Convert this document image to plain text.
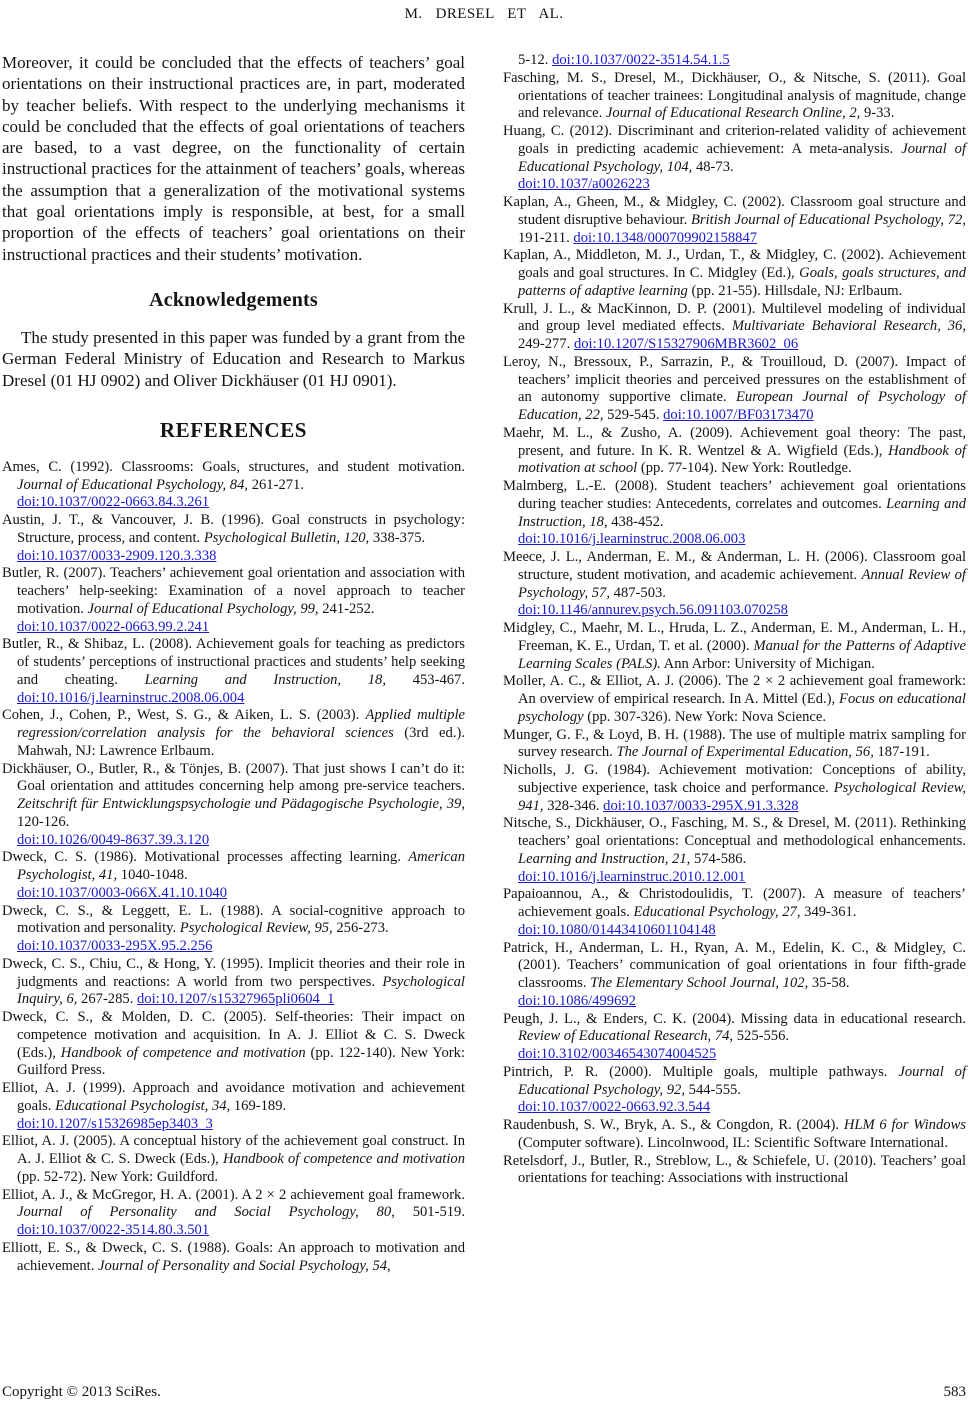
M. DRESEL ET AL.

Moreover, it could be concluded that the effects of teachers’ goal orientations on their instructional practices are, in part, moderated by teacher beliefs. With respect to the underlying mechanisms it could be concluded that the effects of goal orientations of teachers are based, to a vast degree, on the functionality of certain instructional practices for the attainment of teachers’ goals, whereas the assumption that a generalization of the motivational systems that goal orientations imply is responsible, at best, for a small proportion of the effects of teachers’ goal orientations on their instructional practices and their students’ motivation.

Acknowledgements

The study presented in this paper was funded by a grant from the German Federal Ministry of Education and Research to Markus Dresel (01 HJ 0902) and Oliver Dickhäuser (01 HJ 0901).

REFERENCES

Ames, C. (1992). Classrooms: Goals, structures, and student motivation. Journal of Educational Psychology, 84, 261-271.
doi:10.1037/0022-0663.84.3.261

Austin, J. T., & Vancouver, J. B. (1996). Goal constructs in psychology: Structure, process, and content. Psychological Bulletin, 120, 338-375.
doi:10.1037/0033-2909.120.3.338

Butler, R. (2007). Teachers’ achievement goal orientation and association with teachers’ help-seeking: Examination of a novel approach to teacher motivation. Journal of Educational Psychology, 99, 241-252.
doi:10.1037/0022-0663.99.2.241

Butler, R., & Shibaz, L. (2008). Achievement goals for teaching as predictors of students’ perceptions of instructional practices and students’ help seeking and cheating. Learning and Instruction, 18, 453-467. doi:10.1016/j.learninstruc.2008.06.004

Cohen, J., Cohen, P., West, S. G., & Aiken, L. S. (2003). Applied multiple regression/correlation analysis for the behavioral sciences (3rd ed.). Mahwah, NJ: Lawrence Erlbaum.

Dickhäuser, O., Butler, R., & Tönjes, B. (2007). That just shows I can’t do it: Goal orientation and attitudes concerning help among pre-service teachers. Zeitschrift für Entwicklungspsychologie und Pädagogische Psychologie, 39, 120-126.
doi:10.1026/0049-8637.39.3.120

Dweck, C. S. (1986). Motivational processes affecting learning. American Psychologist, 41, 1040-1048.
doi:10.1037/0003-066X.41.10.1040

Dweck, C. S., & Leggett, E. L. (1988). A social-cognitive approach to motivation and personality. Psychological Review, 95, 256-273.
doi:10.1037/0033-295X.95.2.256

Dweck, C. S., Chiu, C., & Hong, Y. (1995). Implicit theories and their role in judgments and reactions: A world from two perspectives. Psychological Inquiry, 6, 267-285. doi:10.1207/s15327965pli0604_1

Dweck, C. S., & Molden, D. C. (2005). Self-theories: Their impact on competence motivation and acquisition. In A. J. Elliot & C. S. Dweck (Eds.), Handbook of competence and motivation (pp. 122-140). New York: Guilford Press.

Elliot, A. J. (1999). Approach and avoidance motivation and achievement goals. Educational Psychologist, 34, 169-189.
doi:10.1207/s15326985ep3403_3

Elliot, A. J. (2005). A conceptual history of the achievement goal construct. In A. J. Elliot & C. S. Dweck (Eds.), Handbook of competence and motivation (pp. 52-72). New York: Guildford.

Elliot, A. J., & McGregor, H. A. (2001). A 2 × 2 achievement goal framework. Journal of Personality and Social Psychology, 80, 501-519. doi:10.1037/0022-3514.80.3.501

Elliott, E. S., & Dweck, C. S. (1988). Goals: An approach to motivation and achievement. Journal of Personality and Social Psychology, 54,

5-12. doi:10.1037/0022-3514.54.1.5

Fasching, M. S., Dresel, M., Dickhäuser, O., & Nitsche, S. (2011). Goal orientations of teacher trainees: Longitudinal analysis of magnitude, change and relevance. Journal of Educational Research Online, 2, 9-33.

Huang, C. (2012). Discriminant and criterion-related validity of achievement goals in predicting academic achievement: A meta-analysis. Journal of Educational Psychology, 104, 48-73.
doi:10.1037/a0026223

Kaplan, A., Gheen, M., & Midgley, C. (2002). Classroom goal structure and student disruptive behaviour. British Journal of Educational Psychology, 72, 191-211. doi:10.1348/000709902158847

Kaplan, A., Middleton, M. J., Urdan, T., & Midgley, C. (2002). Achievement goals and goal structures. In C. Midgley (Ed.), Goals, goals structures, and patterns of adaptive learning (pp. 21-55). Hillsdale, NJ: Erlbaum.

Krull, J. L., & MacKinnon, D. P. (2001). Multilevel modeling of individual and group level mediated effects. Multivariate Behavioral Research, 36, 249-277. doi:10.1207/S15327906MBR3602_06

Leroy, N., Bressoux, P., Sarrazin, P., & Trouilloud, D. (2007). Impact of teachers’ implicit theories and perceived pressures on the establishment of an autonomy supportive climate. European Journal of Psychology of Education, 22, 529-545. doi:10.1007/BF03173470

Maehr, M. L., & Zusho, A. (2009). Achievement goal theory: The past, present, and future. In K. R. Wentzel & A. Wigfield (Eds.), Handbook of motivation at school (pp. 77-104). New York: Routledge.

Malmberg, L.-E. (2008). Student teachers’ achievement goal orientations during teacher studies: Antecedents, correlates and outcomes. Learning and Instruction, 18, 438-452.
doi:10.1016/j.learninstruc.2008.06.003

Meece, J. L., Anderman, E. M., & Anderman, L. H. (2006). Classroom goal structure, student motivation, and academic achievement. Annual Review of Psychology, 57, 487-503.
doi:10.1146/annurev.psych.56.091103.070258

Midgley, C., Maehr, M. L., Hruda, L. Z., Anderman, E. M., Anderman, L. H., Freeman, K. E., Urdan, T. et al. (2000). Manual for the Patterns of Adaptive Learning Scales (PALS). Ann Arbor: University of Michigan.

Moller, A. C., & Elliot, A. J. (2006). The 2 × 2 achievement goal framework: An overview of empirical research. In A. Mittel (Ed.), Focus on educational psychology (pp. 307-326). New York: Nova Science.

Munger, G. F., & Loyd, B. H. (1988). The use of multiple matrix sampling for survey research. The Journal of Experimental Education, 56, 187-191.

Nicholls, J. G. (1984). Achievement motivation: Conceptions of ability, subjective experience, task choice and performance. Psychological Review, 941, 328-346. doi:10.1037/0033-295X.91.3.328

Nitsche, S., Dickhäuser, O., Fasching, M. S., & Dresel, M. (2011). Rethinking teachers’ goal orientations: Conceptual and methodological enhancements. Learning and Instruction, 21, 574-586.
doi:10.1016/j.learninstruc.2010.12.001

Papaioannou, A., & Christodoulidis, T. (2007). A measure of teachers’ achievement goals. Educational Psychology, 27, 349-361.
doi:10.1080/01443410601104148

Patrick, H., Anderman, L. H., Ryan, A. M., Edelin, K. C., & Midgley, C. (2001). Teachers’ communication of goal orientations in four fifth-grade classrooms. The Elementary School Journal, 102, 35-58.
doi:10.1086/499692

Peugh, J. L., & Enders, C. K. (2004). Missing data in educational research. Review of Educational Research, 74, 525-556.
doi:10.3102/00346543074004525

Pintrich, P. R. (2000). Multiple goals, multiple pathways. Journal of Educational Psychology, 92, 544-555.
doi:10.1037/0022-0663.92.3.544

Raudenbush, S. W., Bryk, A. S., & Congdon, R. (2004). HLM 6 for Windows (Computer software). Lincolnwood, IL: Scientific Software International.

Retelsdorf, J., Butler, R., Streblow, L., & Schiefele, U. (2010). Teachers’ goal orientations for teaching: Associations with instructional

Copyright © 2013 SciRes.	583
